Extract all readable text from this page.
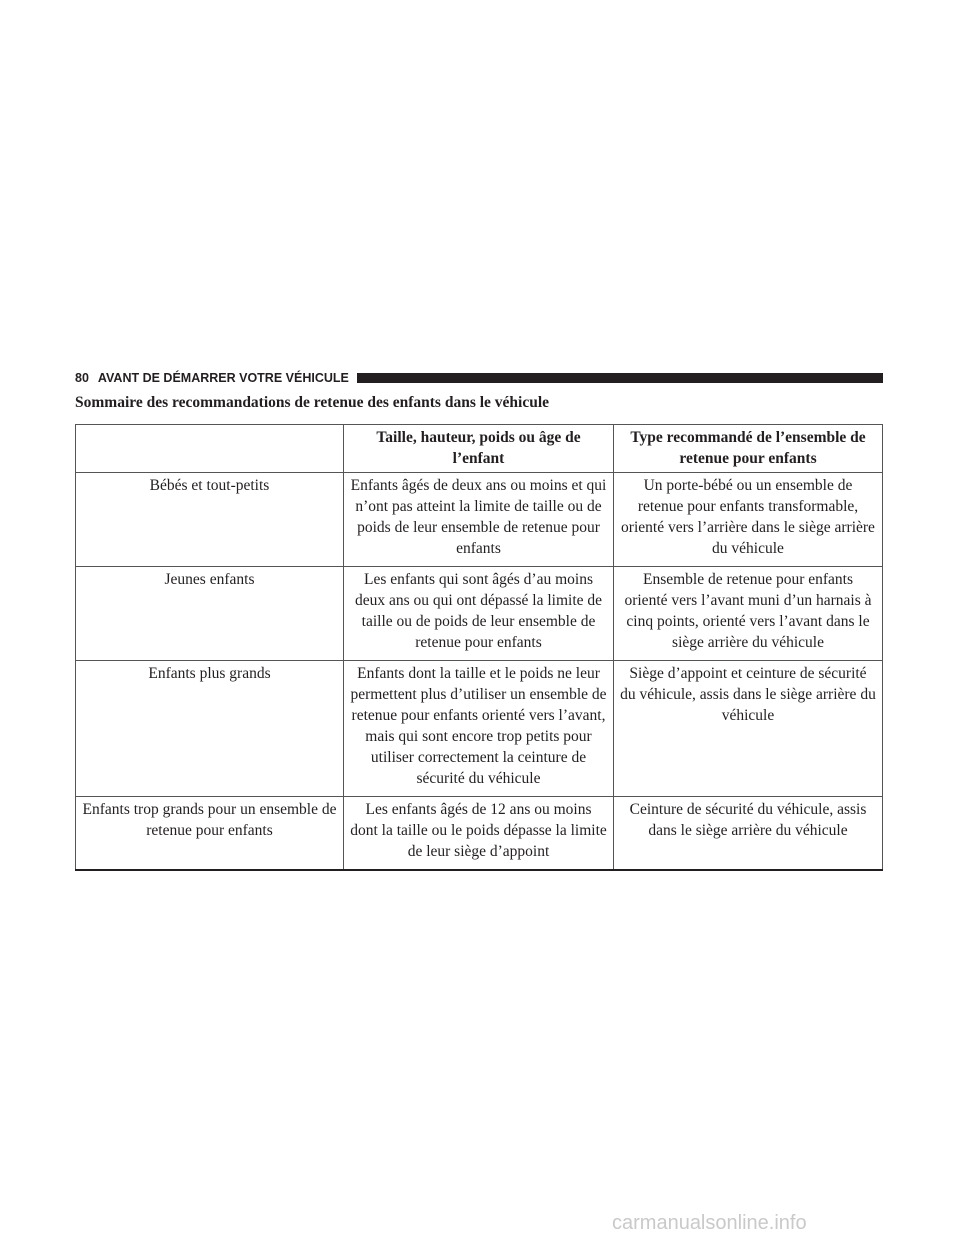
80 AVANT DE DÉMARRER VOTRE VÉHICULE
Sommaire des recommandations de retenue des enfants dans le véhicule
	Taille, hauteur, poids ou âge de l’enfant	Type recommandé de l’ensemble de retenue pour enfants
Bébés et tout-petits	Enfants âgés de deux ans ou moins et qui n’ont pas atteint la limite de taille ou de poids de leur ensemble de retenue pour enfants	Un porte-bébé ou un ensemble de retenue pour enfants transformable, orienté vers l’arrière dans le siège arrière du véhicule
Jeunes enfants	Les enfants qui sont âgés d’au moins deux ans ou qui ont dépassé la limite de taille ou de poids de leur ensemble de retenue pour enfants	Ensemble de retenue pour enfants orienté vers l’avant muni d’un harnais à cinq points, orienté vers l’avant dans le siège arrière du véhicule
Enfants plus grands	Enfants dont la taille et le poids ne leur permettent plus d’utiliser un ensemble de retenue pour enfants orienté vers l’avant, mais qui sont encore trop petits pour utiliser correctement la ceinture de sécurité du véhicule	Siège d’appoint et ceinture de sécurité du véhicule, assis dans le siège arrière du véhicule
Enfants trop grands pour un ensemble de retenue pour enfants	Les enfants âgés de 12 ans ou moins dont la taille ou le poids dépasse la limite de leur siège d’appoint	Ceinture de sécurité du véhicule, assis dans le siège arrière du véhicule
carmanualsonline.info
